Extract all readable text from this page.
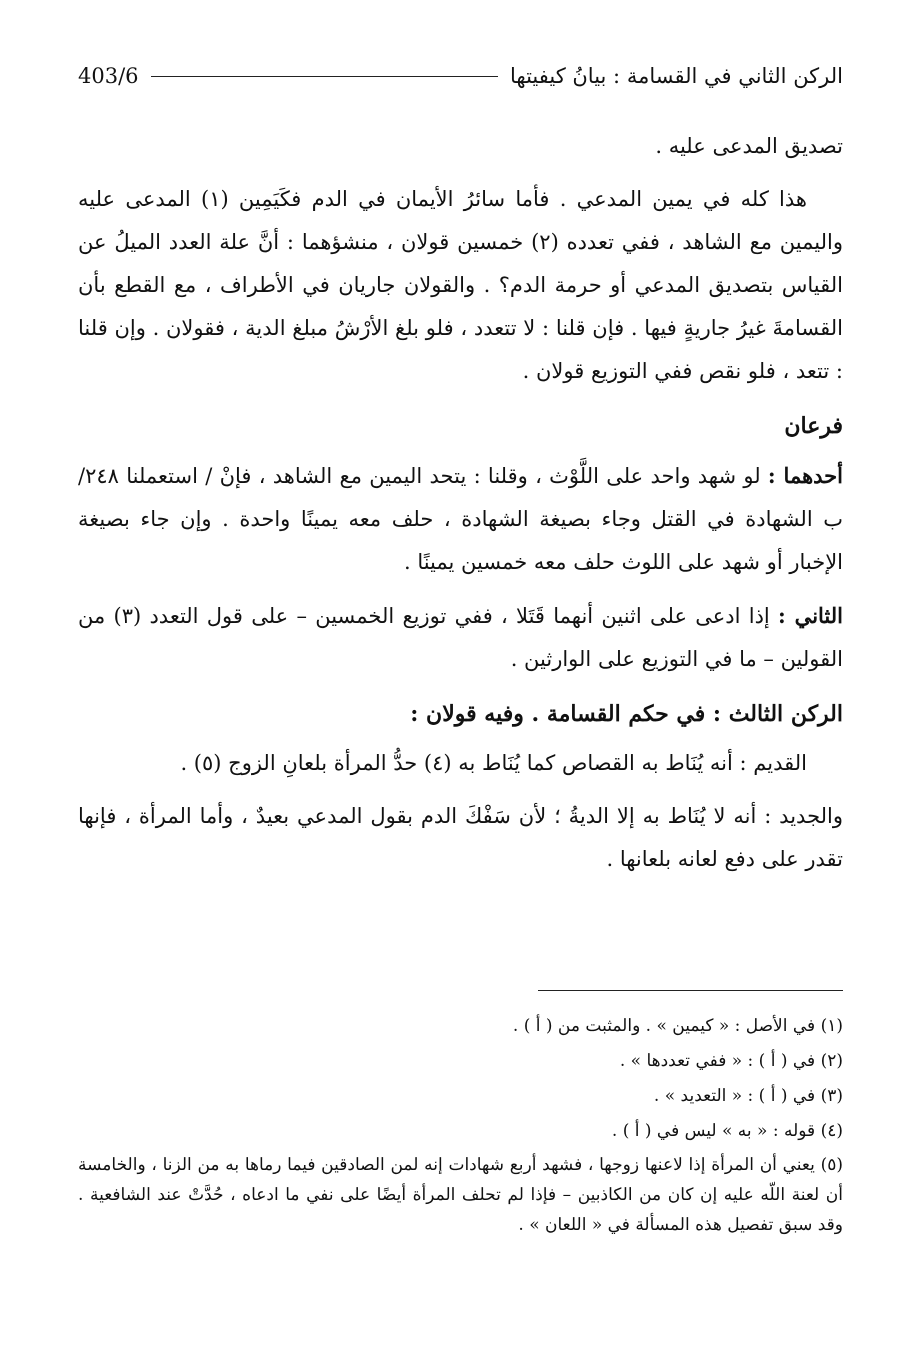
الركن الثاني في القسامة : بيانُ كيفيتها
403/6

تصديق المدعى عليه .

هذا كله في يمين المدعي . فأما سائرُ الأيمان في الدم فكَيَمِين (١) المدعى عليه واليمين مع الشاهد ، ففي تعدده (٢) خمسين قولان ، منشؤهما : أنَّ علة العدد الميلُ عن القياس بتصديق المدعي أو حرمة الدم؟ . والقولان جاريان في الأطراف ، مع القطع بأن القسامةَ غيرُ جاريةٍ فيها . فإن قلنا : لا تتعدد ، فلو بلغ الأرْشُ مبلغ الدية ، فقولان . وإن قلنا : تتعد ، فلو نقص ففي التوزيع قولان .

فرعان

أحدهما : لو شهد واحد على اللَّوْث ، وقلنا : يتحد اليمين مع الشاهد ، فإنْ / استعملنا ٢٤٨/ب الشهادة في القتل وجاء بصيغة الشهادة ، حلف معه يمينًا واحدة . وإن جاء بصيغة الإخبار أو شهد على اللوث حلف معه خمسين يمينًا .

الثاني : إذا ادعى على اثنين أنهما قَتَلا ، ففي توزيع الخمسين – على قول التعدد (٣) من القولين – ما في التوزيع على الوارثين .

الركن الثالث : في حكم القسامة . وفيه قولان :

القديم : أنه يُنَاط به القصاص كما يُنَاط به (٤) حدُّ المرأة بلعانِ الزوج (٥) .

والجديد : أنه لا يُنَاط به إلا الديةُ ؛ لأن سَفْكَ الدم بقول المدعي بعيدٌ ، وأما المرأة ، فإنها تقدر على دفع لعانه بلعانها .

(١) في الأصل : « كيمين » . والمثبت من ( أ ) .

(٢) في ( أ ) : « ففي تعددها » .

(٣) في ( أ ) : « التعديد » .

(٤) قوله : « به » ليس في ( أ ) .

(٥) يعني أن المرأة إذا لاعنها زوجها ، فشهد أربع شهادات إنه لمن الصادقين فيما رماها به من الزنا ، والخامسة أن لعنة اللّه عليه إن كان من الكاذبين – فإذا لم تحلف المرأة أيضًا على نفي ما ادعاه ، حُدَّتْ عند الشافعية . وقد سبق تفصيل هذه المسألة في « اللعان » .
